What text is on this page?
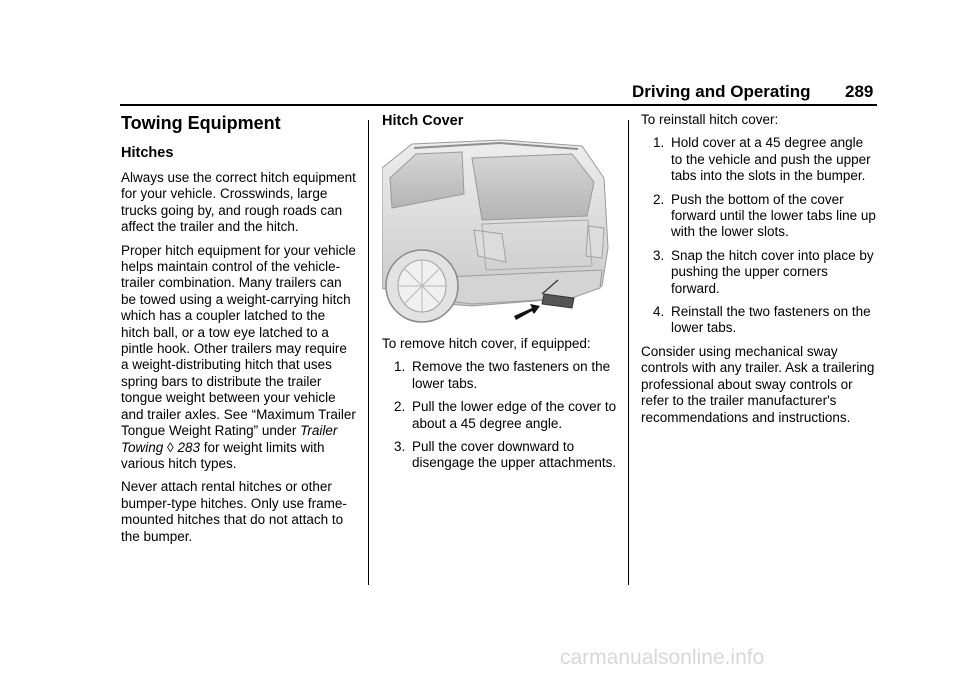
Driving and Operating 289
Towing Equipment
Hitches

Always use the correct hitch equipment for your vehicle. Crosswinds, large trucks going by, and rough roads can affect the trailer and the hitch.

Proper hitch equipment for your vehicle helps maintain control of the vehicle-trailer combination. Many trailers can be towed using a weight-carrying hitch which has a coupler latched to the hitch ball, or a tow eye latched to a pintle hook. Other trailers may require a weight-distributing hitch that uses spring bars to distribute the trailer tongue weight between your vehicle and trailer axles. See “Maximum Trailer Tongue Weight Rating” under Trailer Towing ◊ 283 for weight limits with various hitch types.

Never attach rental hitches or other bumper-type hitches. Only use frame-mounted hitches that do not attach to the bumper.

Hitch Cover

To remove hitch cover, if equipped:

1. Remove the two fasteners on the lower tabs.
2. Pull the lower edge of the cover to about a 45 degree angle.
3. Pull the cover downward to disengage the upper attachments.

To reinstall hitch cover:

1. Hold cover at a 45 degree angle to the vehicle and push the upper tabs into the slots in the bumper.
2. Push the bottom of the cover forward until the lower tabs line up with the lower slots.
3. Snap the hitch cover into place by pushing the upper corners forward.
4. Reinstall the two fasteners on the lower tabs.

Consider using mechanical sway controls with any trailer. Ask a trailering professional about sway controls or refer to the trailer manufacturer's recommendations and instructions.

carmanualsonline.info
